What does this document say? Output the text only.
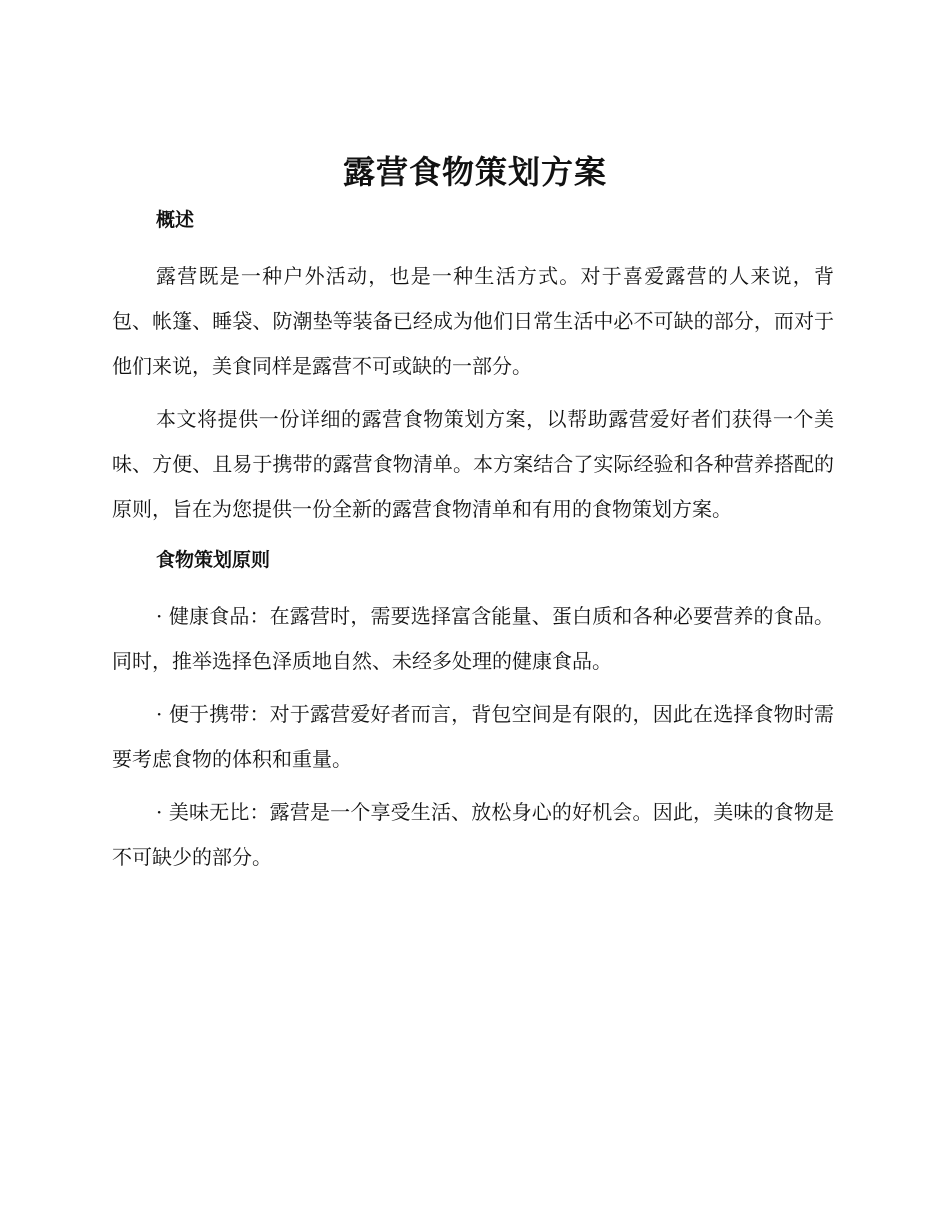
露营食物策划方案
概述

露营既是一种户外活动，也是一种生活方式。对于喜爱露营的人来说，背包、帐篷、睡袋、防潮垫等装备已经成为他们日常生活中必不可缺的部分，而对于他们来说，美食同样是露营不可或缺的一部分。

本文将提供一份详细的露营食物策划方案，以帮助露营爱好者们获得一个美味、方便、且易于携带的露营食物清单。本方案结合了实际经验和各种营养搭配的原则，旨在为您提供一份全新的露营食物清单和有用的食物策划方案。

食物策划原则

· 健康食品：在露营时，需要选择富含能量、蛋白质和各种必要营养的食品。同时，推举选择色泽质地自然、未经多处理的健康食品。

· 便于携带：对于露营爱好者而言，背包空间是有限的，因此在选择食物时需要考虑食物的体积和重量。

· 美味无比：露营是一个享受生活、放松身心的好机会。因此，美味的食物是不可缺少的部分。
